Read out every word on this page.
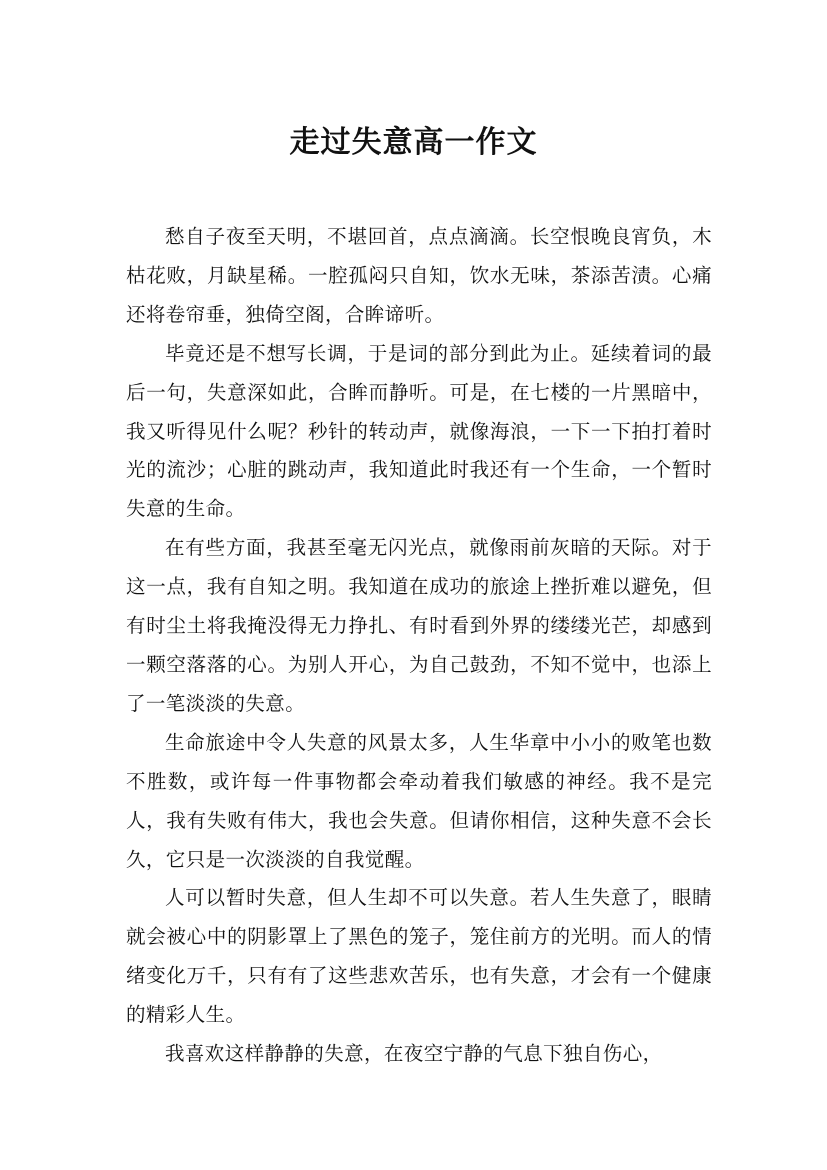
走过失意高一作文

愁自子夜至天明，不堪回首，点点滴滴。长空恨晚良宵负，木枯花败，月缺星稀。一腔孤闷只自知，饮水无味，茶添苦渍。心痛还将卷帘垂，独倚空阁，合眸谛听。

毕竟还是不想写长调，于是词的部分到此为止。延续着词的最后一句，失意深如此，合眸而静听。可是，在七楼的一片黑暗中，我又听得见什么呢？秒针的转动声，就像海浪，一下一下拍打着时光的流沙；心脏的跳动声，我知道此时我还有一个生命，一个暂时失意的生命。

在有些方面，我甚至毫无闪光点，就像雨前灰暗的天际。对于这一点，我有自知之明。我知道在成功的旅途上挫折难以避免，但有时尘土将我掩没得无力挣扎、有时看到外界的缕缕光芒，却感到一颗空落落的心。为别人开心，为自己鼓劲，不知不觉中，也添上了一笔淡淡的失意。

生命旅途中令人失意的风景太多，人生华章中小小的败笔也数不胜数，或许每一件事物都会牵动着我们敏感的神经。我不是完人，我有失败有伟大，我也会失意。但请你相信，这种失意不会长久，它只是一次淡淡的自我觉醒。

人可以暂时失意，但人生却不可以失意。若人生失意了，眼睛就会被心中的阴影罩上了黑色的笼子，笼住前方的光明。而人的情绪变化万千，只有有了这些悲欢苦乐，也有失意，才会有一个健康的精彩人生。

我喜欢这样静静的失意，在夜空宁静的气息下独自伤心，
